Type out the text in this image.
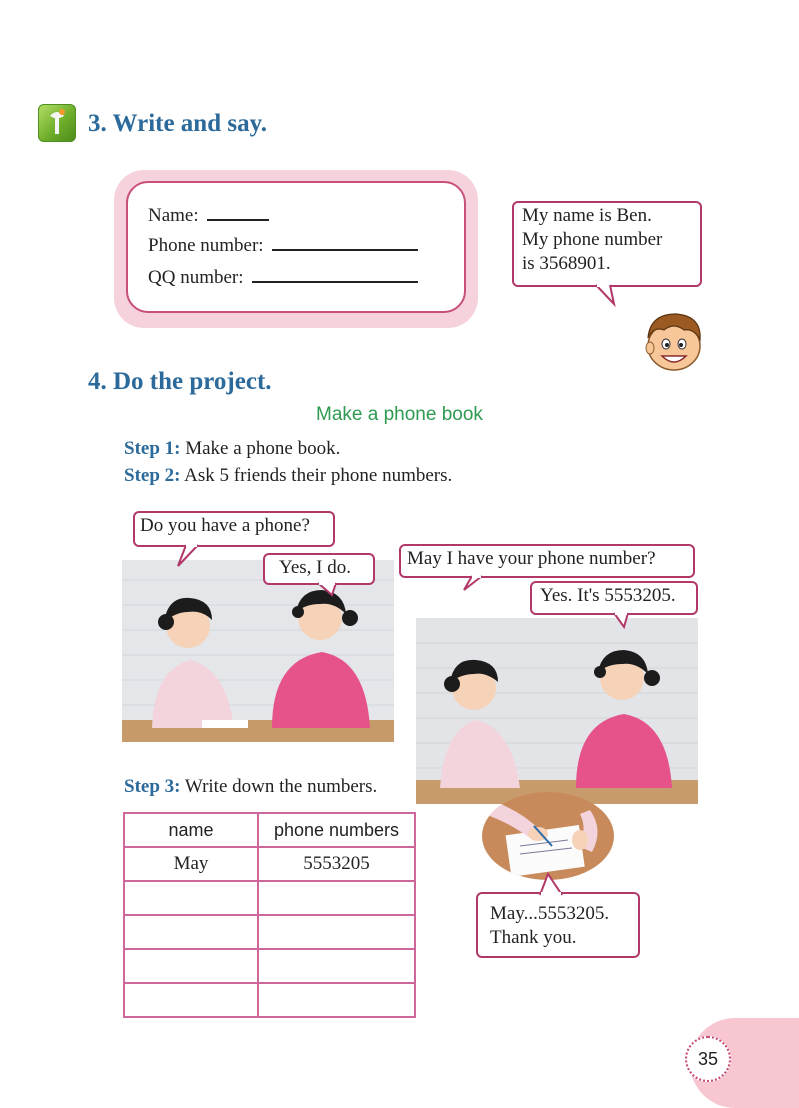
3. Write and say.
Name:
Phone number:
QQ number:
My name is Ben.
My phone number
is 3568901.
4. Do the project.
Make a phone book
Step 1: Make a phone book.
Step 2: Ask 5 friends their phone numbers.
Do you have a phone?
Yes, I do.	May I have your phone number?
Yes. It's 5553205.
May...5553205.
Thank you.
Step 3: Write down the numbers.
name	phone numbers
May	5553205

35
